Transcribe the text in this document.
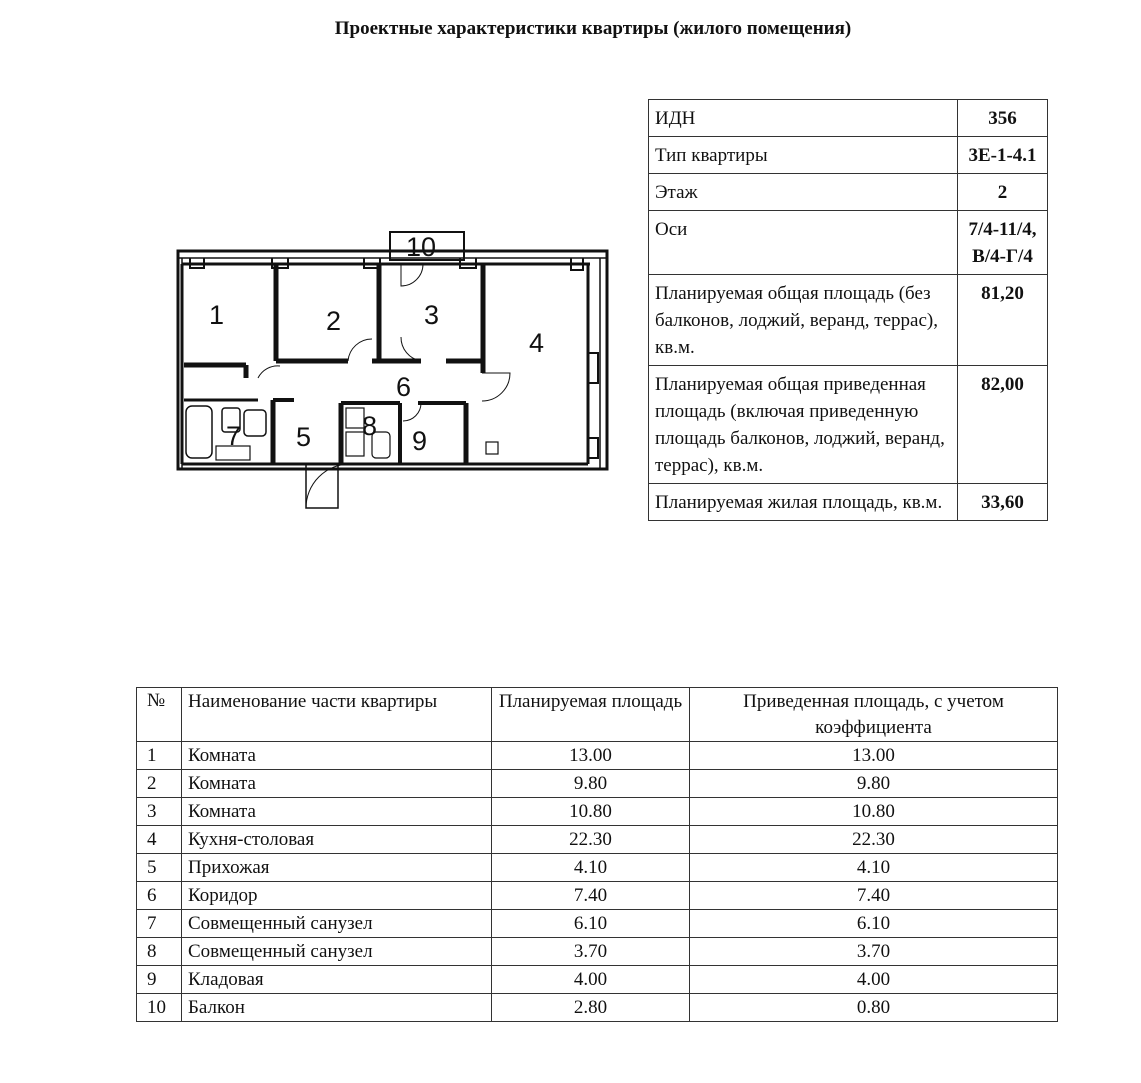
Проектные характеристики квартиры (жилого помещения)
1	2	3
4
5
6
7	8 9
10
ИДН	356
Тип квартиры	3Е-1-4.1
Этаж	2
Оси	7/4-11/4, В/4-Г/4
Планируемая общая площадь (без балконов, лоджий, веранд, террас), кв.м.	81,20
Планируемая общая приведенная площадь (включая приведенную площадь балконов, лоджий, веранд, террас), кв.м.	82,00
Планируемая жилая площадь, кв.м.	33,60
№	Наименование части квартиры	Планируемая площадь	Приведенная площадь, с учетом коэффициента
1	Комната	13.00	13.00
2	Комната	9.80	9.80
3	Комната	10.80	10.80
4	Кухня-столовая	22.30	22.30
5	Прихожая	4.10	4.10
6	Коридор	7.40	7.40
7	Совмещенный санузел	6.10	6.10
8	Совмещенный санузел	3.70	3.70
9	Кладовая	4.00	4.00
10	Балкон	2.80	0.80
